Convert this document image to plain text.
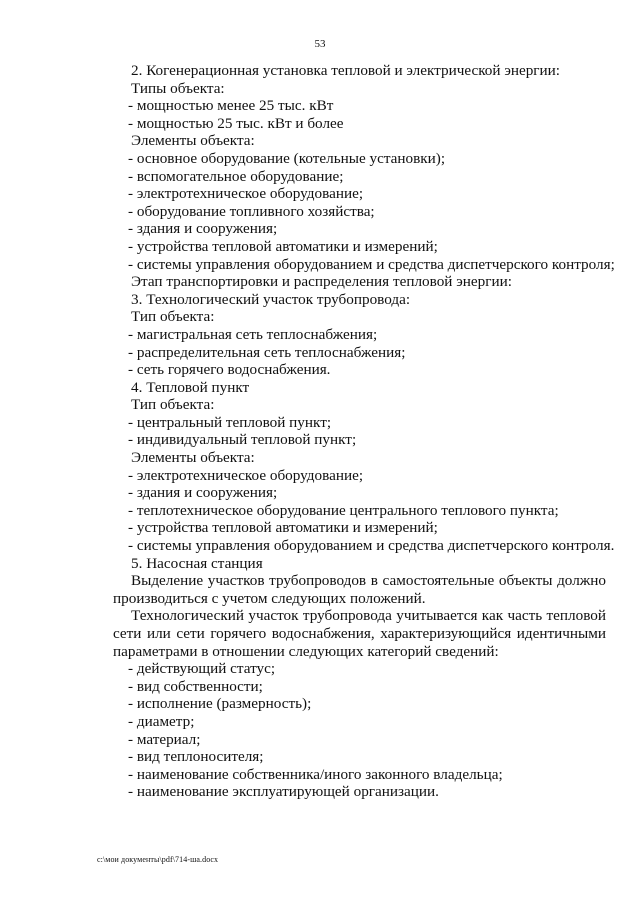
53
2. Когенерационная установка тепловой и электрической энергии:
Типы объекта:
- мощностью менее 25 тыс. кВт
- мощностью 25 тыс. кВт и более
Элементы объекта:
- основное оборудование (котельные установки);
- вспомогательное оборудование;
- электротехническое оборудование;
- оборудование топливного хозяйства;
- здания и сооружения;
- устройства тепловой автоматики и измерений;
- системы управления оборудованием и средства диспетчерского контроля;
Этап транспортировки и распределения тепловой энергии:
3. Технологический участок трубопровода:
Тип объекта:
- магистральная сеть теплоснабжения;
- распределительная сеть теплоснабжения;
- сеть горячего водоснабжения.
4. Тепловой пункт
Тип объекта:
- центральный тепловой пункт;
- индивидуальный тепловой пункт;
Элементы объекта:
- электротехническое оборудование;
- здания и сооружения;
- теплотехническое оборудование центрального теплового пункта;
- устройства тепловой автоматики и измерений;
- системы управления оборудованием и средства диспетчерского контроля.
5. Насосная станция

Выделение участков трубопроводов в самостоятельные объекты должно производиться с учетом следующих положений.

Технологический участок трубопровода учитывается как часть тепловой сети или сети горячего водоснабжения, характеризующийся идентичными параметрами в отношении следующих категорий сведений:

- действующий статус;
- вид собственности;
- исполнение (размерность);
- диаметр;
- материал;
- вид теплоносителя;
- наименование собственника/иного законного владельца;
- наименование эксплуатирующей организации.
c:\мои документы\pdf\714-ша.docx
